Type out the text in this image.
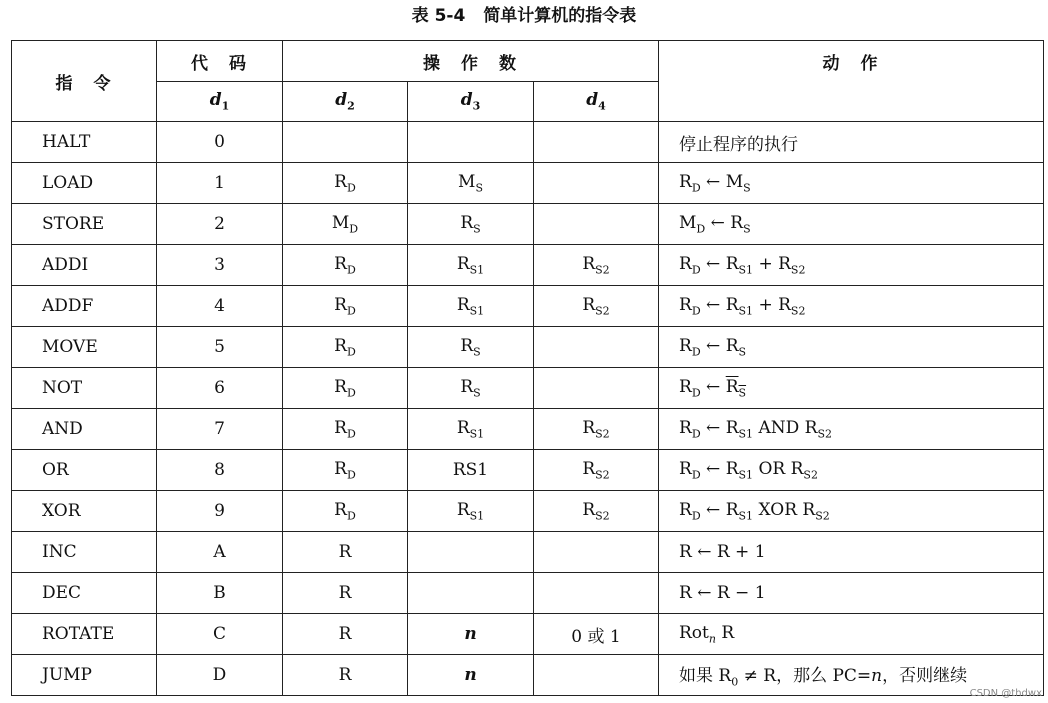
表 5-4 简单计算机的指令表
指　令	代　码	操　作　数			动　作
	$d_1$	$d_2$	$d_3$	$d_4$
HALT	0				停止程序的执行
LOAD	1	$R_D$	$M_S$		$R_D$ ← $M_S$
STORE	2	$M_D$	$R_S$		$M_D$ ← $R_S$
ADDI	3	$R_D$	$R_{S1}$	$R_{S2}$	$R_D$ ← $R_{S1} + R_{S2}$
ADDF	4	$R_D$	$R_{S1}$	$R_{S2}$	$R_D$ ← $R_{S1} + R_{S2}$
MOVE	5	$R_D$	$R_S$		$R_D$ ← $R_S$
NOT	6	$R_D$	$R_S$		$R_D$ ← $R_S$
AND	7	$R_D$	$R_{S1}$	$R_{S2}$	$R_D$ ← $R_{S1}$ AND $R_{S2}$
OR	8	$R_D$	RS1	$R_{S2}$	$R_D$ ← $R_{S1}$ OR $R_{S2}$
XOR	9	$R_D$	$R_{S1}$	$R_{S2}$	$R_D$ ← $R_{S1}$ XOR $R_{S2}$
INC	A	R			R ← R + 1
DEC	B	R			R ← R − 1
ROTATE	C	R	n	0 或 1	Rot$_n$ R
JUMP	D	R	n		如果 $R_0 \ne R$，那么 PC=n，否则继续
CSDN @thdwx
